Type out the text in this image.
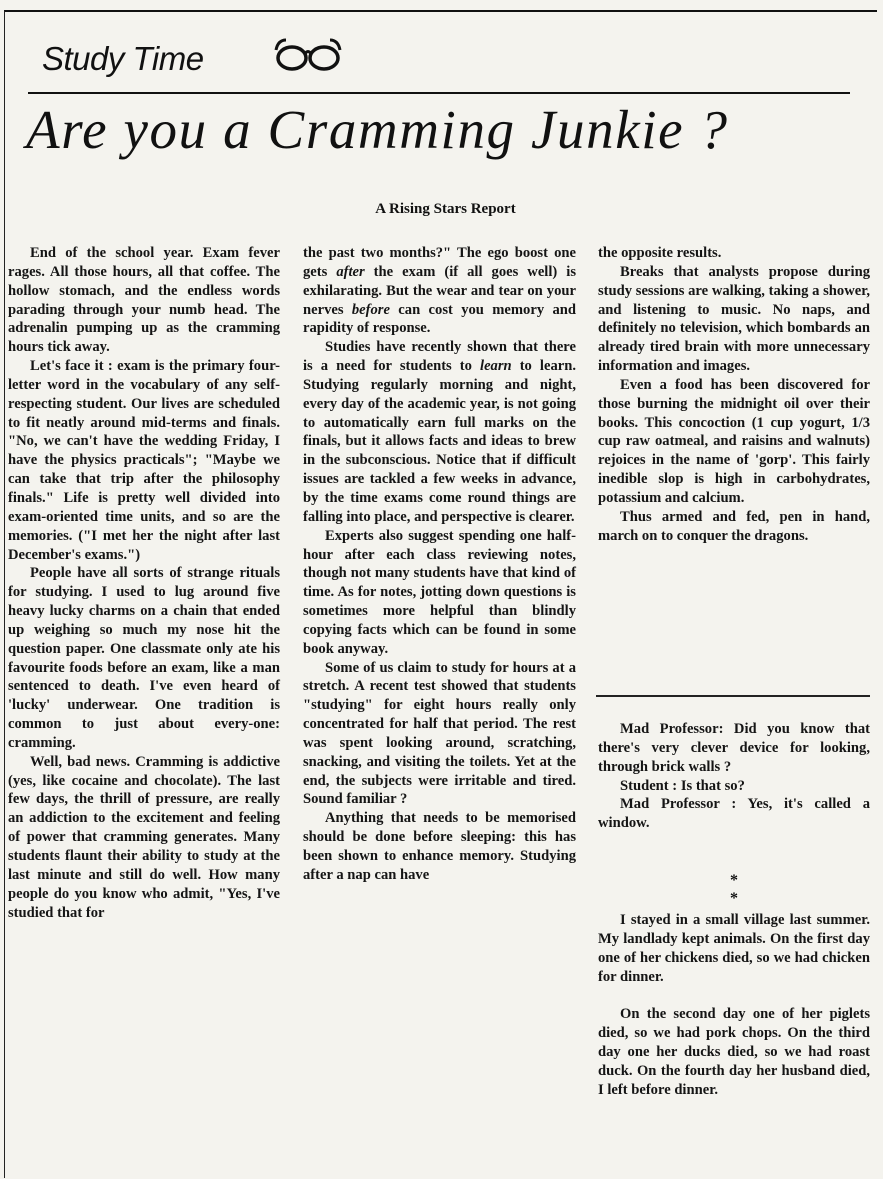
Study Time
Are you a Cramming Junkie ?
A Rising Stars Report

End of the school year. Exam fever rages. All those hours, all that coffee. The hollow stomach, and the endless words parading through your numb head. The adrenalin pumping up as the cramming hours tick away.

Let's face it : exam is the primary four-letter word in the vocabulary of any self-respecting student. Our lives are scheduled to fit neatly around mid-terms and finals. "No, we can't have the wedding Friday, I have the physics practicals"; "Maybe we can take that trip after the philosophy finals." Life is pretty well divided into exam-oriented time units, and so are the memories. ("I met her the night after last December's exams.")

People have all sorts of strange rituals for studying. I used to lug around five heavy lucky charms on a chain that ended up weighing so much my nose hit the question paper. One classmate only ate his favourite foods before an exam, like a man sentenced to death. I've even heard of 'lucky' underwear. One tradition is common to just about every-one: cramming.

Well, bad news. Cramming is addictive (yes, like cocaine and chocolate). The last few days, the thrill of pressure, are really an addiction to the excitement and feeling of power that cramming generates. Many students flaunt their ability to study at the last minute and still do well. How many people do you know who admit, "Yes, I've studied that for

the past two months?" The ego boost one gets after the exam (if all goes well) is exhilarating. But the wear and tear on your nerves before can cost you memory and rapidity of response.

Studies have recently shown that there is a need for students to learn to learn. Studying regularly morning and night, every day of the academic year, is not going to automatically earn full marks on the finals, but it allows facts and ideas to brew in the subconscious. Notice that if difficult issues are tackled a few weeks in advance, by the time exams come round things are falling into place, and perspective is clearer.

Experts also suggest spending one half-hour after each class reviewing notes, though not many students have that kind of time. As for notes, jotting down questions is sometimes more helpful than blindly copying facts which can be found in some book anyway.

Some of us claim to study for hours at a stretch. A recent test showed that students "studying" for eight hours really only concentrated for half that period. The rest was spent looking around, scratching, snacking, and visiting the toilets. Yet at the end, the subjects were irritable and tired. Sound familiar ?

Anything that needs to be memorised should be done before sleeping: this has been shown to enhance memory. Studying after a nap can have

the opposite results.

Breaks that analysts propose during study sessions are walking, taking a shower, and listening to music. No naps, and definitely no television, which bombards an already tired brain with more unnecessary information and images.

Even a food has been discovered for those burning the midnight oil over their books. This concoction (1 cup yogurt, 1/3 cup raw oatmeal, and raisins and walnuts) rejoices in the name of 'gorp'. This fairly inedible slop is high in carbohydrates, potassium and calcium.

Thus armed and fed, pen in hand, march on to conquer the dragons.

Mad Professor: Did you know that there's very clever device for looking, through brick walls ?

Student : Is that so?

Mad Professor : Yes, it's called a window.

* *

I stayed in a small village last summer. My landlady kept animals. On the first day one of her chickens died, so we had chicken for dinner.

On the second day one of her piglets died, so we had pork chops. On the third day one her ducks died, so we had roast duck. On the fourth day her husband died, I left before dinner.
